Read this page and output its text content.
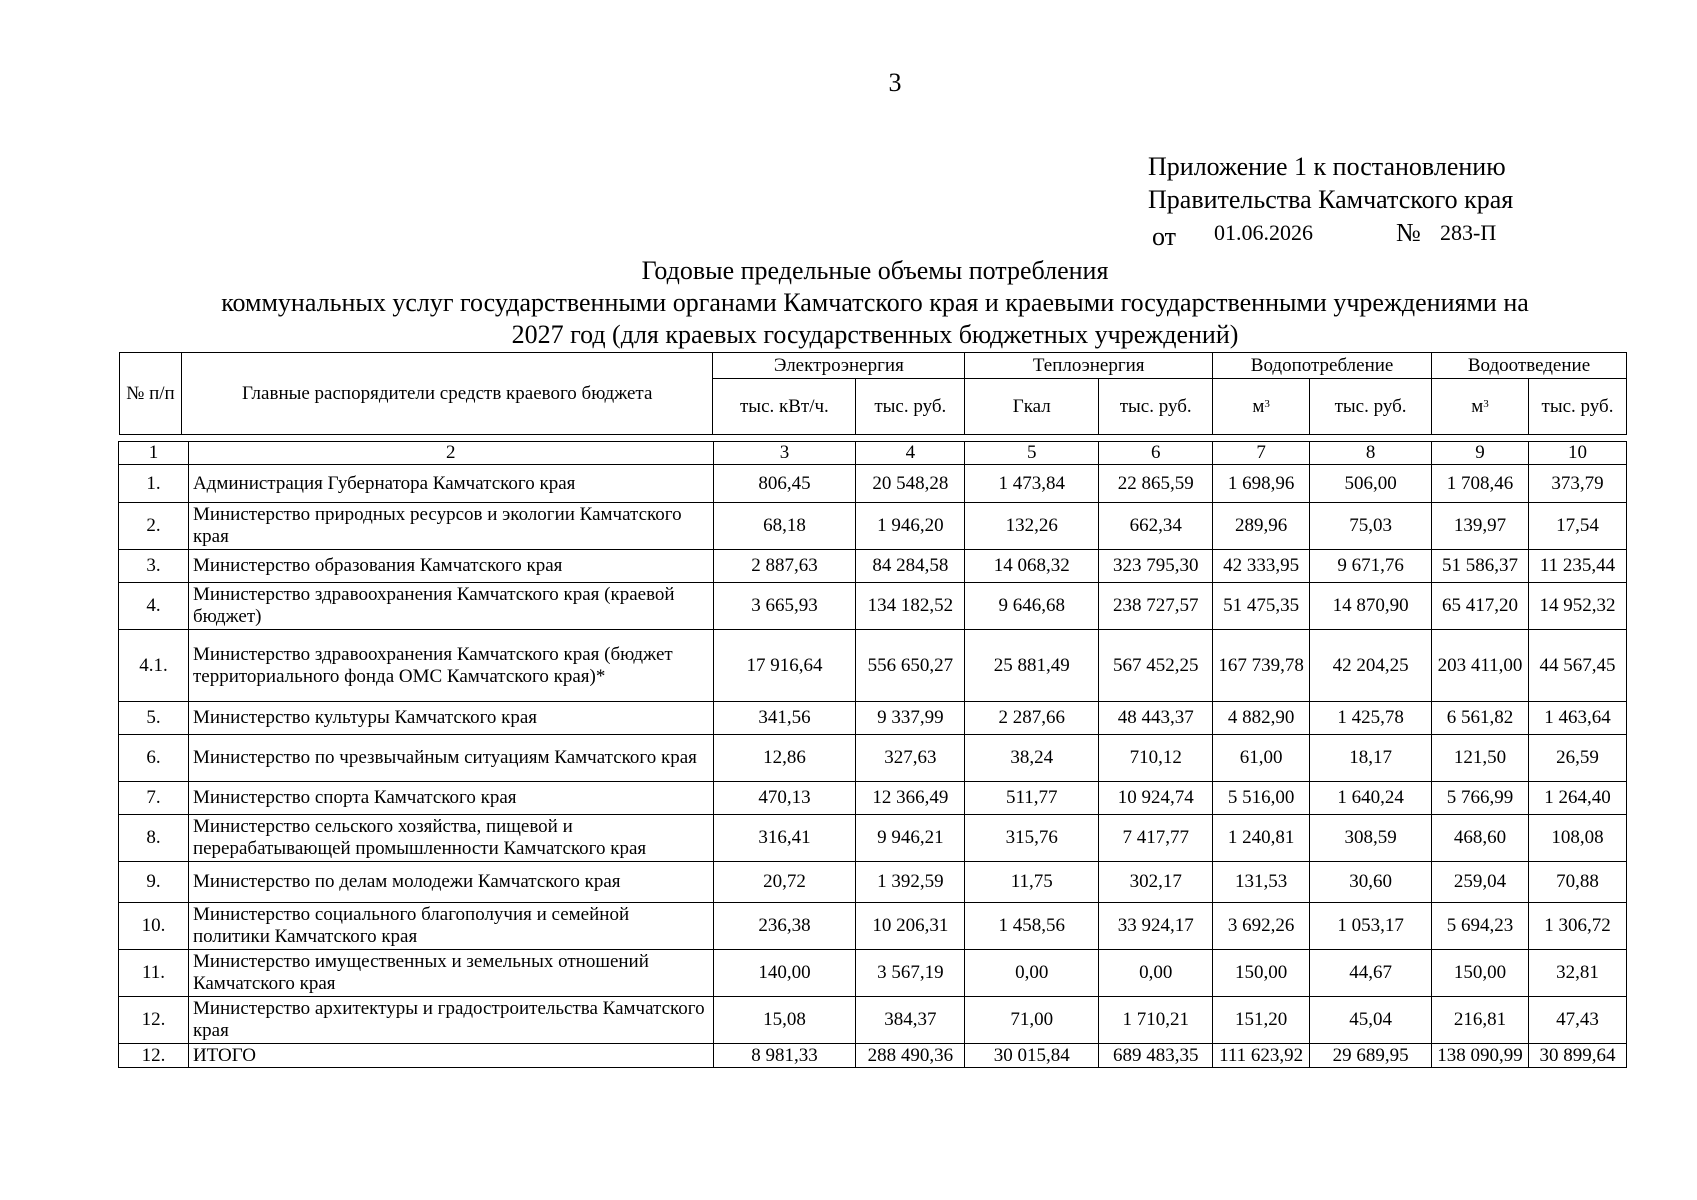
3
Приложение 1 к постановлению
Правительства Камчатского края
от 01.06.2026	№ 283-П
Годовые предельные объемы потребления
коммунальных услуг государственными органами Камчатского края и краевыми государственными учреждениями на
2027 год (для краевых государственных бюджетных учреждений)
№ п/п	Главные распорядители средств краевого бюджета	Электроэнергия		Теплоэнергия		Водопотребление		Водоотведение	
		тыс. кВт/ч.	тыс. руб.	Гкал	тыс. руб.	$м^3$	тыс. руб.	$м^3$	тыс. руб.
1	2	3	4	5	6	7	8	9	10
1.	Администрация Губернатора Камчатского края	806,45	20 548,28	1 473,84	22 865,59	1 698,96	506,00	1 708,46	373,79
2.	Министерство природных ресурсов и экологии Камчатского края	68,18	1 946,20	132,26	662,34	289,96	75,03	139,97	17,54
3.	Министерство образования Камчатского края	2 887,63	84 284,58	14 068,32	323 795,30	42 333,95	9 671,76	51 586,37	11 235,44
4.	Министерство здравоохранения Камчатского края (краевой бюджет)	3 665,93	134 182,52	9 646,68	238 727,57	51 475,35	14 870,90	65 417,20	14 952,32
4.1.	Министерство здравоохранения Камчатского края (бюджет территориального фонда ОМС Камчатского края)*	17 916,64	556 650,27	25 881,49	567 452,25	167 739,78	42 204,25	203 411,00	44 567,45
5.	Министерство культуры Камчатского края	341,56	9 337,99	2 287,66	48 443,37	4 882,90	1 425,78	6 561,82	1 463,64
6.	Министерство по чрезвычайным ситуациям Камчатского края	12,86	327,63	38,24	710,12	61,00	18,17	121,50	26,59
7.	Министерство спорта Камчатского края	470,13	12 366,49	511,77	10 924,74	5 516,00	1 640,24	5 766,99	1 264,40
8.	Министерство сельского хозяйства, пищевой и перерабатывающей промышленности Камчатского края	316,41	9 946,21	315,76	7 417,77	1 240,81	308,59	468,60	108,08
9.	Министерство по делам молодежи Камчатского края	20,72	1 392,59	11,75	302,17	131,53	30,60	259,04	70,88
10.	Министерство социального благополучия и семейной политики Камчатского края	236,38	10 206,31	1 458,56	33 924,17	3 692,26	1 053,17	5 694,23	1 306,72
11.	Министерство имущественных и земельных отношений Камчатского края	140,00	3 567,19	0,00	0,00	150,00	44,67	150,00	32,81
12.	Министерство архитектуры и градостроительства Камчатского края	15,08	384,37	71,00	1 710,21	151,20	45,04	216,81	47,43
12.	ИТОГО	8 981,33	288 490,36	30 015,84	689 483,35	111 623,92	29 689,95	138 090,99	30 899,64
